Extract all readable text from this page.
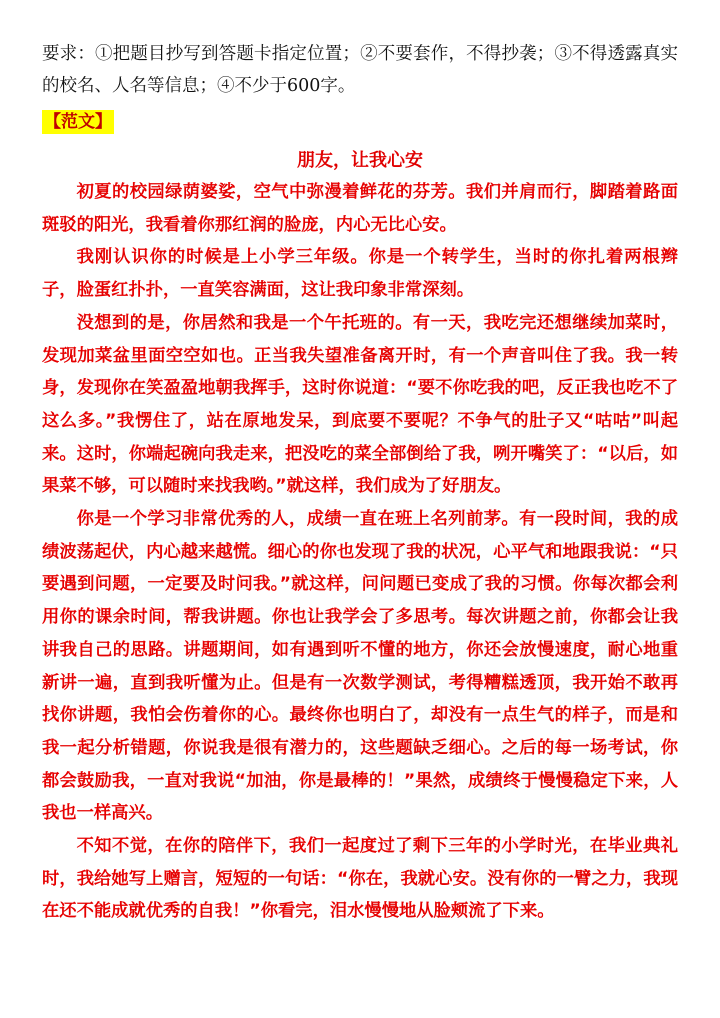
要求：①把题目抄写到答题卡指定位置；②不要套作，不得抄袭；③不得透露真实的校名、人名等信息；④不少于600字。

【范文】
朋友，让我心安

初夏的校园绿荫婆娑，空气中弥漫着鲜花的芬芳。我们并肩而行，脚踏着路面斑驳的阳光，我看着你那红润的脸庞，内心无比心安。

我刚认识你的时候是上小学三年级。你是一个转学生，当时的你扎着两根辫子，脸蛋红扑扑，一直笑容满面，这让我印象非常深刻。

没想到的是，你居然和我是一个午托班的。有一天，我吃完还想继续加菜时，发现加菜盆里面空空如也。正当我失望准备离开时，有一个声音叫住了我。我一转身，发现你在笑盈盈地朝我挥手，这时你说道：“要不你吃我的吧，反正我也吃不了这么多。”我愣住了，站在原地发呆，到底要不要呢？不争气的肚子又“咕咕”叫起来。这时，你端起碗向我走来，把没吃的菜全部倒给了我，咧开嘴笑了：“以后，如果菜不够，可以随时来找我哟。”就这样，我们成为了好朋友。

你是一个学习非常优秀的人，成绩一直在班上名列前茅。有一段时间，我的成绩波荡起伏，内心越来越慌。细心的你也发现了我的状况，心平气和地跟我说：“只要遇到问题，一定要及时问我。”就这样，问问题已变成了我的习惯。你每次都会利用你的课余时间，帮我讲题。你也让我学会了多思考。每次讲题之前，你都会让我讲我自己的思路。讲题期间，如有遇到听不懂的地方，你还会放慢速度，耐心地重新讲一遍，直到我听懂为止。但是有一次数学测试，考得糟糕透顶，我开始不敢再找你讲题，我怕会伤着你的心。最终你也明白了，却没有一点生气的样子，而是和我一起分析错题，你说我是很有潜力的，这些题缺乏细心。之后的每一场考试，你都会鼓励我，一直对我说“加油，你是最棒的！”果然，成绩终于慢慢稳定下来，人我也一样高兴。

不知不觉，在你的陪伴下，我们一起度过了剩下三年的小学时光，在毕业典礼时，我给她写上赠言，短短的一句话：“你在，我就心安。没有你的一臂之力，我现在还不能成就优秀的自我！”你看完，泪水慢慢地从脸颊流了下来。
